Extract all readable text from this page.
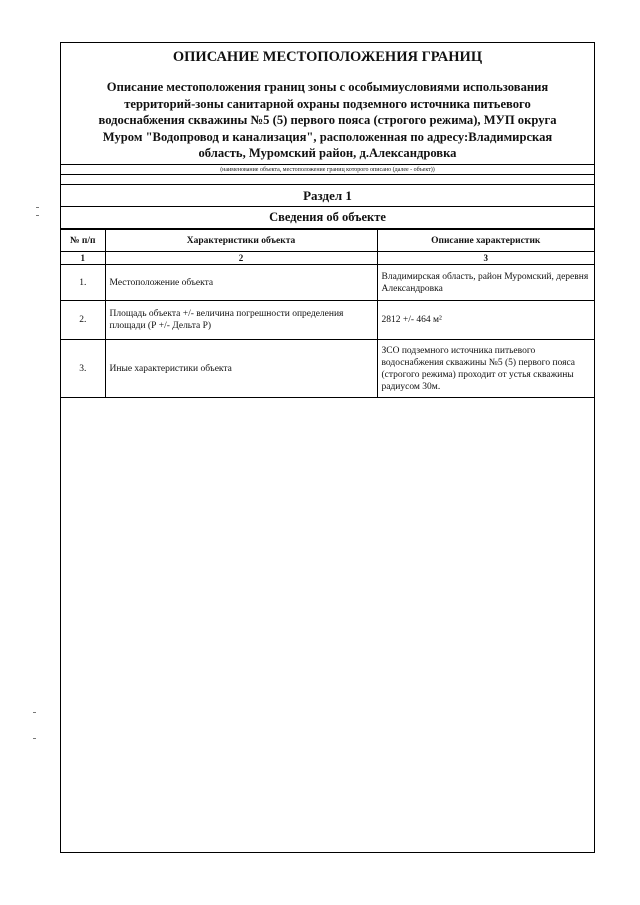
ОПИСАНИЕ МЕСТОПОЛОЖЕНИЯ ГРАНИЦ
Описание местоположения границ зоны с особымиусловиями использования
территорий-зоны санитарной охраны подземного источника питьевого
водоснабжения скважины №5 (5) первого пояса (строгого режима), МУП округа
Муром "Водопровод и канализация", расположенная по адресу:Владимирская
область, Муромский район, д.Александровка
(наименование объекта, местоположение границ которого описано (далее - объект))
Раздел 1
Сведения об объекте
№ п/п	Характеристики объекта	Описание характеристик
1	2	3
1.	Местоположение объекта	Владимирская область, район Муромский, деревня Александровка
2.	Площадь объекта +/- величина погрешности определения площади (Р +/- Дельта Р)	2812 +/- 464 м²
3.	Иные характеристики объекта	ЗСО подземного источника питьевого водоснабжения скважины №5 (5) первого пояса (строгого режима) проходит от устья скважины радиусом 30м.
